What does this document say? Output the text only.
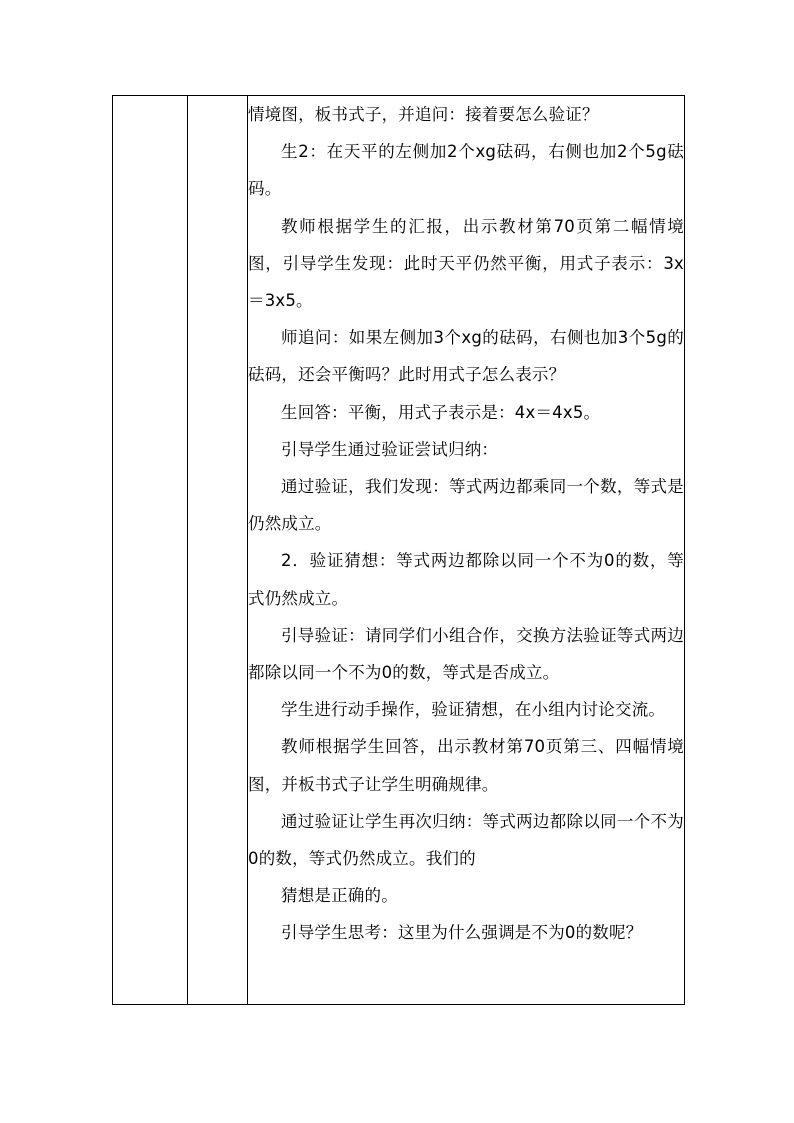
情境图，板书式子，并追问：接着要怎么验证？

生2：在天平的左侧加2个xg砝码，右侧也加2个5g砝码。

教师根据学生的汇报，出示教材第70页第二幅情境图，引导学生发现：此时天平仍然平衡，用式子表示：3x＝3x5。

师追问：如果左侧加3个xg的砝码，右侧也加3个5g的砝码，还会平衡吗？此时用式子怎么表示？

生回答：平衡，用式子表示是：4x＝4x5。

引导学生通过验证尝试归纳：

通过验证，我们发现：等式两边都乘同一个数，等式是仍然成立。

2．验证猜想：等式两边都除以同一个不为0的数，等式仍然成立。

引导验证：请同学们小组合作，交换方法验证等式两边都除以同一个不为0的数，等式是否成立。

学生进行动手操作，验证猜想，在小组内讨论交流。

教师根据学生回答，出示教材第70页第三、四幅情境图，并板书式子让学生明确规律。

通过验证让学生再次归纳：等式两边都除以同一个不为0的数，等式仍然成立。我们的

猜想是正确的。

引导学生思考：这里为什么强调是不为0的数呢？
